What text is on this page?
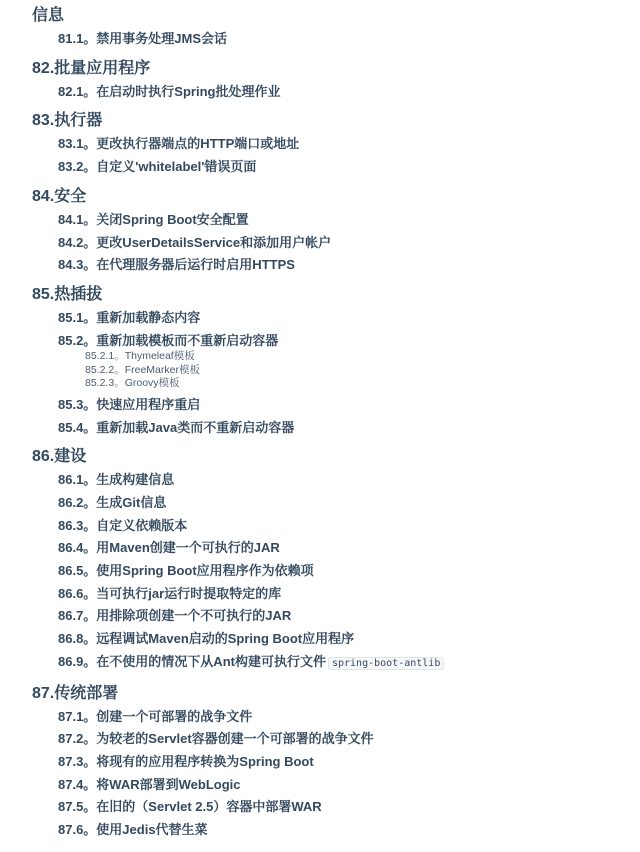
信息
81.1。禁用事务处理JMS会话
82.批量应用程序
82.1。在启动时执行Spring批处理作业
83.执行器
83.1。更改执行器端点的HTTP端口或地址
83.2。自定义'whitelabel'错误页面
84.安全
84.1。关闭Spring Boot安全配置
84.2。更改UserDetailsService和添加用户帐户
84.3。在代理服务器后运行时启用HTTPS
85.热插拔
85.1。重新加载静态内容
85.2。重新加载模板而不重新启动容器
85.2.1。Thymeleaf模板
85.2.2。FreeMarker模板
85.2.3。Groovy模板
85.3。快速应用程序重启
85.4。重新加载Java类而不重新启动容器
86.建设
86.1。生成构建信息
86.2。生成Git信息
86.3。自定义依赖版本
86.4。用Maven创建一个可执行的JAR
86.5。使用Spring Boot应用程序作为依赖项
86.6。当可执行jar运行时提取特定的库
86.7。用排除项创建一个不可执行的JAR
86.8。远程调试Maven启动的Spring Boot应用程序
86.9。在不使用的情况下从Ant构建可执行文件 spring-boot-antlib
87.传统部署
87.1。创建一个可部署的战争文件
87.2。为较老的Servlet容器创建一个可部署的战争文件
87.3。将现有的应用程序转换为Spring Boot
87.4。将WAR部署到WebLogic
87.5。在旧的（Servlet 2.5）容器中部署WAR
87.6。使用Jedis代替生菜
